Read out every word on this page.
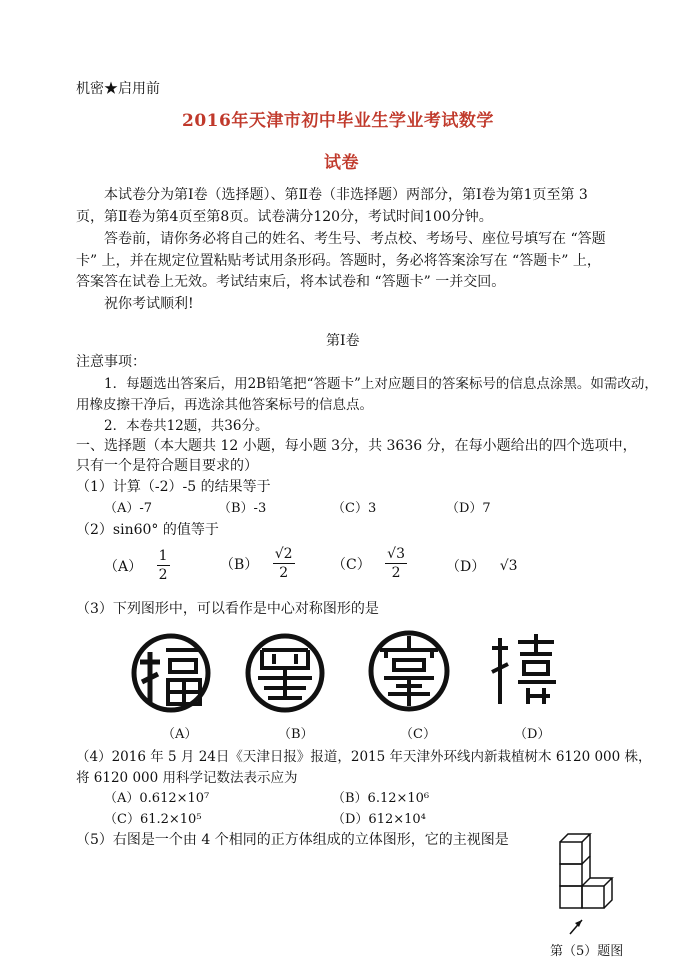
机密★启用前
2016年天津市初中毕业生学业考试数学
试卷
本试卷分为第Ⅰ卷（选择题）、第Ⅱ卷（非选择题）两部分，第Ⅰ卷为第1页至第 3
页，第Ⅱ卷为第4页至第8页。试卷满分120分，考试时间100分钟。
答卷前，请你务必将自己的姓名、考生号、考点校、考场号、座位号填写在 “答题
卡” 上，并在规定位置粘贴考试用条形码。答题时，务必将答案涂写在 “答题卡” 上，
答案答在试卷上无效。考试结束后，将本试卷和 “答题卡” 一并交回。
祝你考试顺利!
第Ⅰ卷
注意事项：
1．每题选出答案后，用2B铅笔把“答题卡”上对应题目的答案标号的信息点涂黑。如需改动，
用橡皮擦干净后，再选涂其他答案标号的信息点。
2．本卷共12题，共36分。
一、选择题（本大题共 12 小题，每小题 3分，共 3636 分，在每小题给出的四个选项中，
只有一个是符合题目要求的）
（1）计算（-2）-5 的结果等于
（A）-7	（B）-3	（C）3	（D）7
（2）sin60° 的值等于
$(A) \frac{1}{2}$	$(B) \frac{√2}{2}$	$(C) \frac{√3}{2}$	（D） √3
（3）下列图形中，可以看作是中心对称图形的是
（A）	（B）	（C）	（D）
（4）2016 年 5 月 24日《天津日报》报道，2015 年天津外环线内新栽植树木 6120 000 株，
将 6120 000 用科学记数法表示应为
（A）0.612×10⁷	（B）6.12×10⁶
（C）61.2×10⁵	（D）612×10⁴
（5）右图是一个由 4 个相同的正方体组成的立体图形，它的主视图是
第（5）题图
